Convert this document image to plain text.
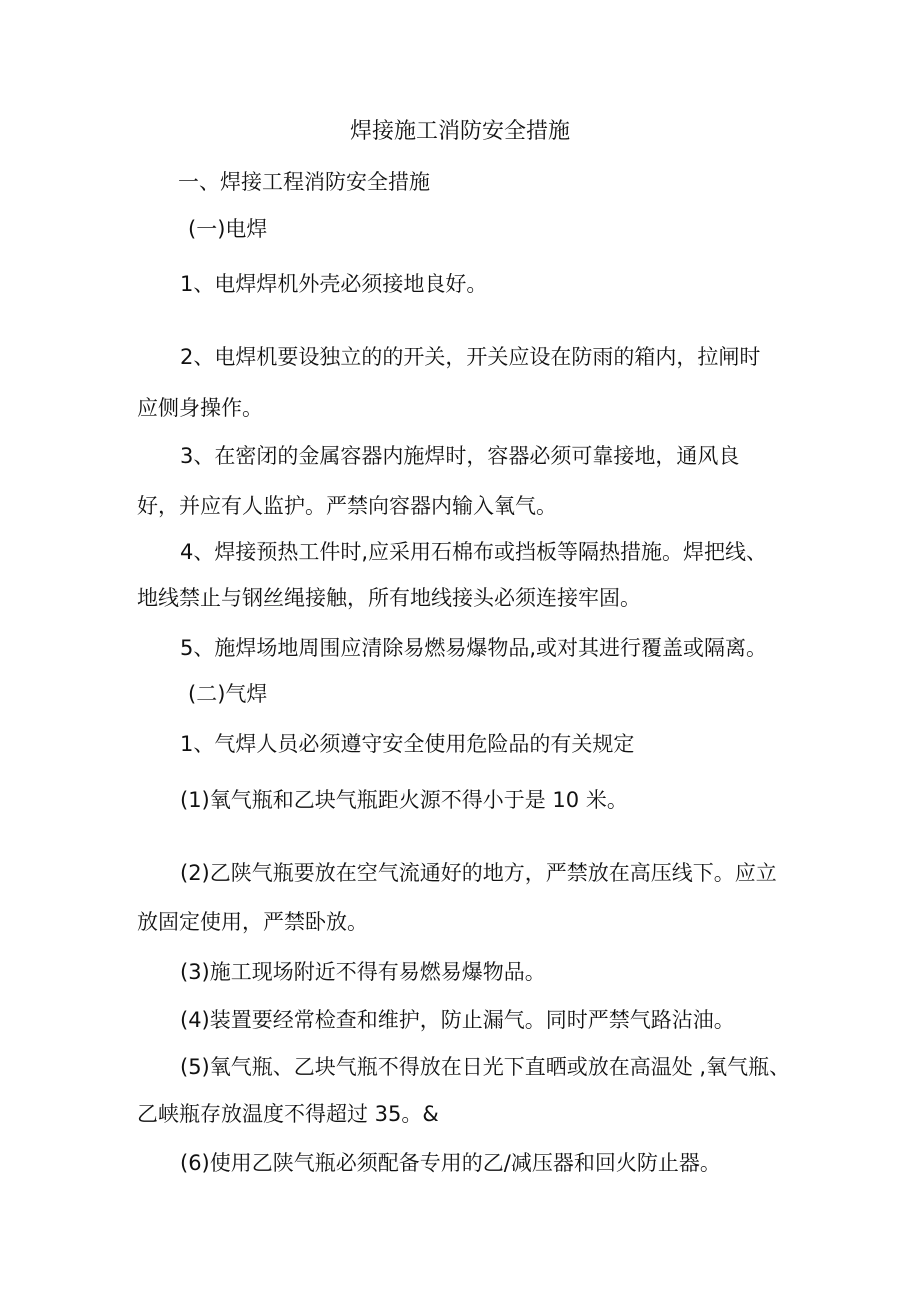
焊接施工消防安全措施
一、焊接工程消防安全措施
(一)电焊
1、电焊焊机外壳必须接地良好。
2、电焊机要设独立的的开关，开关应设在防雨的箱内，拉闸时
应侧身操作。
3、在密闭的金属容器内施焊时，容器必须可靠接地，通风良
好，并应有人监护。严禁向容器内输入氧气。
4、焊接预热工件时,应采用石棉布或挡板等隔热措施。焊把线、
地线禁止与钢丝绳接触，所有地线接头必须连接牢固。
5、施焊场地周围应清除易燃易爆物品,或对其进行覆盖或隔离。
(二)气焊
1、气焊人员必须遵守安全使用危险品的有关规定
(1)氧气瓶和乙块气瓶距火源不得小于是 10 米。
(2)乙陕气瓶要放在空气流通好的地方，严禁放在高压线下。应立
放固定使用，严禁卧放。
(3)施工现场附近不得有易燃易爆物品。
(4)装置要经常检查和维护，防止漏气。同时严禁气路沾油。
(5)氧气瓶、乙块气瓶不得放在日光下直晒或放在高温处 ,氧气瓶、
乙峡瓶存放温度不得超过 35。&
(6)使用乙陕气瓶必须配备专用的乙/减压器和回火防止器。
